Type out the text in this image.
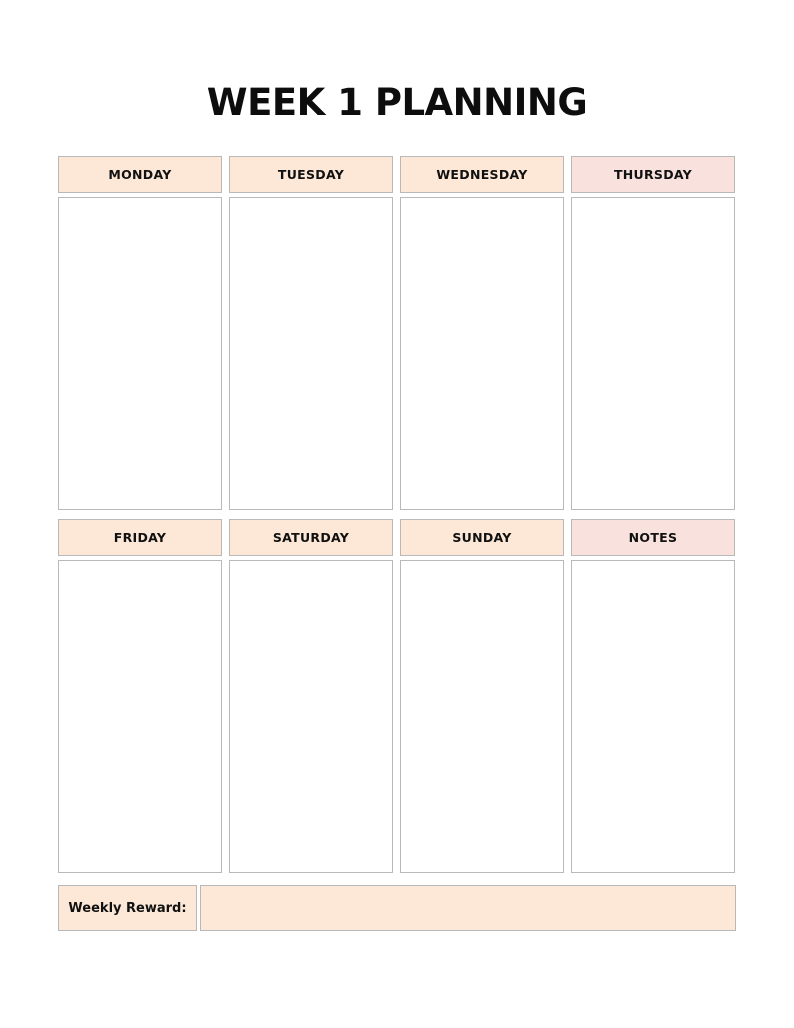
WEEK 1 PLANNING
MONDAY	TUESDAY	WEDNESDAY	THURSDAY
FRIDAY	SATURDAY	SUNDAY	NOTES
Weekly Reward:
